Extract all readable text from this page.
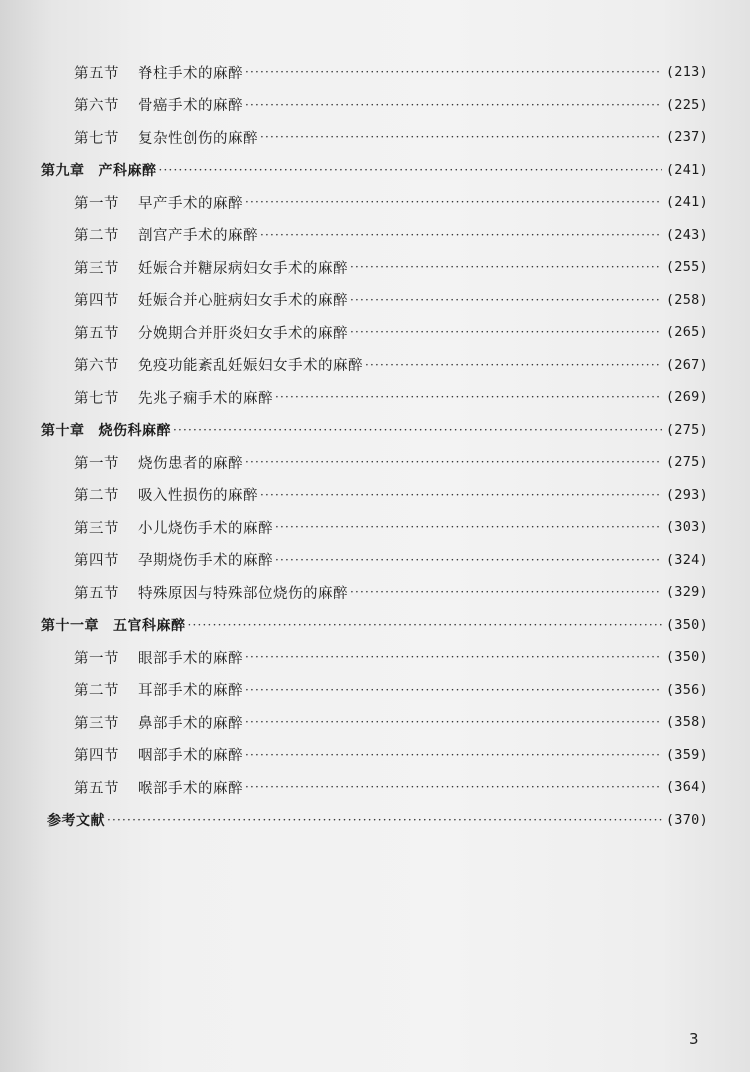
第五节 脊柱手术的麻醉 ·····	(213)
第六节 骨癌手术的麻醉 ·····	(225)
第七节 复杂性创伤的麻醉 ·····	(237)
第九章 产科麻醉 ·····	(241)
第一节 早产手术的麻醉 ·····	(241)
第二节 剖宫产手术的麻醉 ·····	(243)
第三节 妊娠合并糖尿病妇女手术的麻醉 ·····	(255)
第四节 妊娠合并心脏病妇女手术的麻醉 ·····	(258)
第五节 分娩期合并肝炎妇女手术的麻醉 ·····	(265)
第六节 免疫功能紊乱妊娠妇女手术的麻醉 ·····	(267)
第七节 先兆子痫手术的麻醉 ·····	(269)
第十章 烧伤科麻醉 ·····	(275)
第一节 烧伤患者的麻醉 ·····	(275)
第二节 吸入性损伤的麻醉 ·····	(293)
第三节 小儿烧伤手术的麻醉 ·····	(303)
第四节 孕期烧伤手术的麻醉 ·····	(324)
第五节 特殊原因与特殊部位烧伤的麻醉 ·····	(329)
第十一章 五官科麻醉 ·····	(350)
第一节 眼部手术的麻醉 ·····	(350)
第二节 耳部手术的麻醉 ·····	(356)
第三节 鼻部手术的麻醉 ·····	(358)
第四节 咽部手术的麻醉 ·····	(359)
第五节 喉部手术的麻醉 ·····	(364)
参考文献 ·····	(370)
3
